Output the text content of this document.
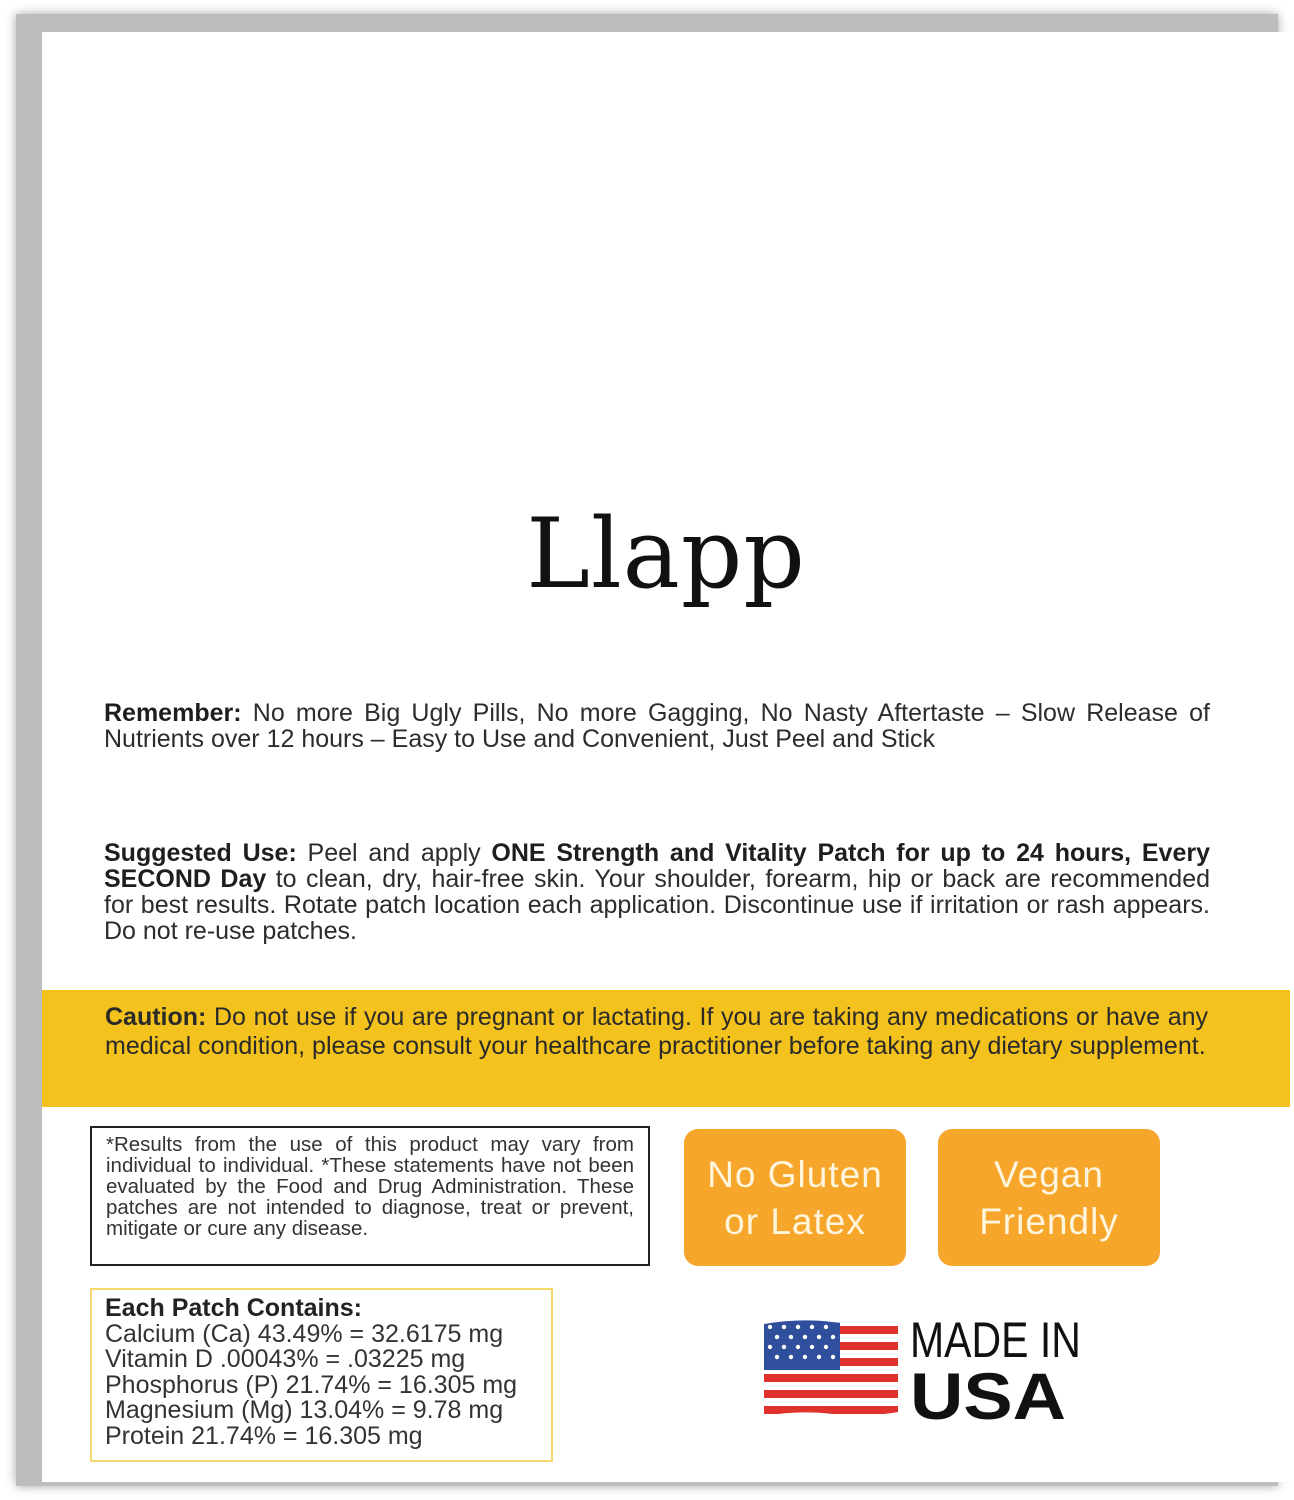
Llapp
Remember: No more Big Ugly Pills, No more Gagging, No Nasty Aftertaste – Slow Release of Nutrients over 12 hours – Easy to Use and Convenient, Just Peel and Stick
Suggested Use: Peel and apply ONE Strength and Vitality Patch for up to 24 hours, Every SECOND Day to clean, dry, hair-free skin. Your shoulder, forearm, hip or back are recommended for best results. Rotate patch location each application. Discontinue use if irritation or rash appears. Do not re-use patches.
Caution: Do not use if you are pregnant or lactating. If you are taking any medications or have any medical condition, please consult your healthcare practitioner before taking any dietary supplement.
*Results from the use of this product may vary from individual to individual. *These statements have not been evaluated by the Food and Drug Administration. These patches are not intended to diagnose, treat or prevent, mitigate or cure any disease.
No Gluten
or Latex
Vegan
Friendly
Each Patch Contains:
Calcium (Ca) 43.49% = 32.6175 mg
Vitamin D .00043% = .03225 mg
Phosphorus (P) 21.74% = 16.305 mg
Magnesium (Mg) 13.04% = 9.78 mg
Protein 21.74% = 16.305 mg
MADE IN
USA
